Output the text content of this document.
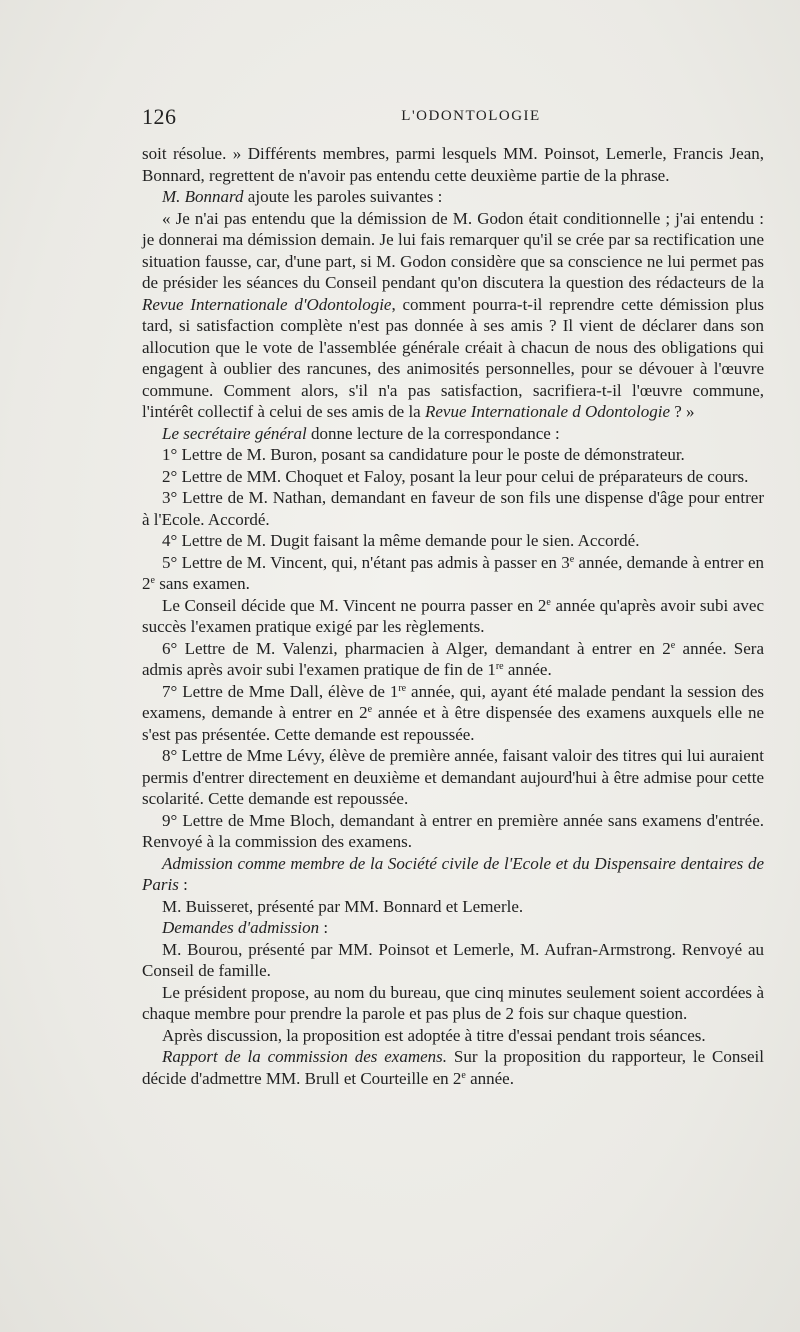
126	L'ODONTOLOGIE

soit résolue. » Différents membres, parmi lesquels MM. Poinsot, Lemerle, Francis Jean, Bonnard, regrettent de n'avoir pas entendu cette deuxième partie de la phrase.

M. Bonnard ajoute les paroles suivantes :

« Je n'ai pas entendu que la démission de M. Godon était conditionnelle ; j'ai entendu : je donnerai ma démission demain. Je lui fais remarquer qu'il se crée par sa rectification une situation fausse, car, d'une part, si M. Godon considère que sa conscience ne lui permet pas de présider les séances du Conseil pendant qu'on discutera la question des rédacteurs de la Revue Internationale d'Odontologie, comment pourra-t-il reprendre cette démission plus tard, si satisfaction complète n'est pas donnée à ses amis ? Il vient de déclarer dans son allocution que le vote de l'assemblée générale créait à chacun de nous des obligations qui engagent à oublier des rancunes, des animosités personnelles, pour se dévouer à l'œuvre commune. Comment alors, s'il n'a pas satisfaction, sacrifiera-t-il l'œuvre commune, l'intérêt collectif à celui de ses amis de la Revue Internationale d Odontologie ? »

Le secrétaire général donne lecture de la correspondance :

1° Lettre de M. Buron, posant sa candidature pour le poste de démonstrateur.

2° Lettre de MM. Choquet et Faloy, posant la leur pour celui de préparateurs de cours.

3° Lettre de M. Nathan, demandant en faveur de son fils une dispense d'âge pour entrer à l'Ecole. Accordé.

4° Lettre de M. Dugit faisant la même demande pour le sien. Accordé.

5° Lettre de M. Vincent, qui, n'étant pas admis à passer en 3e année, demande à entrer en 2e sans examen.

Le Conseil décide que M. Vincent ne pourra passer en 2e année qu'après avoir subi avec succès l'examen pratique exigé par les règlements.

6° Lettre de M. Valenzi, pharmacien à Alger, demandant à entrer en 2e année. Sera admis après avoir subi l'examen pratique de fin de 1re année.

7° Lettre de Mme Dall, élève de 1re année, qui, ayant été malade pendant la session des examens, demande à entrer en 2e année et à être dispensée des examens auxquels elle ne s'est pas présentée. Cette demande est repoussée.

8° Lettre de Mme Lévy, élève de première année, faisant valoir des titres qui lui auraient permis d'entrer directement en deuxième et demandant aujourd'hui à être admise pour cette scolarité. Cette demande est repoussée.

9° Lettre de Mme Bloch, demandant à entrer en première année sans examens d'entrée. Renvoyé à la commission des examens.

Admission comme membre de la Société civile de l'Ecole et du Dispensaire dentaires de Paris :

M. Buisseret, présenté par MM. Bonnard et Lemerle.

Demandes d'admission :

M. Bourou, présenté par MM. Poinsot et Lemerle, M. Aufran-Armstrong. Renvoyé au Conseil de famille.

Le président propose, au nom du bureau, que cinq minutes seulement soient accordées à chaque membre pour prendre la parole et pas plus de 2 fois sur chaque question.

Après discussion, la proposition est adoptée à titre d'essai pendant trois séances.

Rapport de la commission des examens. Sur la proposition du rapporteur, le Conseil décide d'admettre MM. Brull et Courteille en 2e année.
